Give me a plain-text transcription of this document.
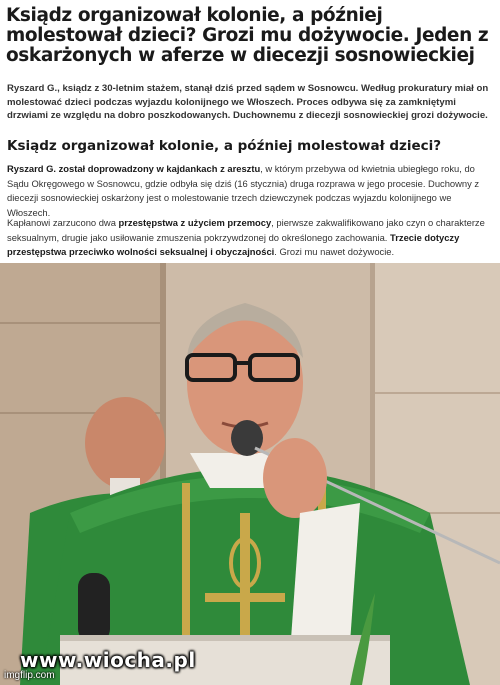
Ksiądz organizował kolonie, a później molestował dzieci? Grozi mu dożywocie. Jeden z oskarżonych w aferze w diecezji sosnowieckiej
Ryszard G., ksiądz z 30-letnim stażem, stanął dziś przed sądem w Sosnowcu. Według prokuratury miał on molestować dzieci podczas wyjazdu kolonijnego we Włoszech. Proces odbywa się za zamkniętymi drzwiami ze względu na dobro poszkodowanych. Duchownemu z diecezji sosnowieckiej grozi dożywocie.
Ksiądz organizował kolonie, a później molestował dzieci?

Ryszard G. został doprowadzony w kajdankach z aresztu, w którym przebywa od kwietnia ubiegłego roku, do Sądu Okręgowego w Sosnowcu, gdzie odbyła się dziś (16 stycznia) druga rozprawa w jego procesie. Duchowny z diecezji sosnowieckiej oskarżony jest o molestowanie trzech dziewczynek podczas wyjazdu kolonijnego we Włoszech.

Kapłanowi zarzucono dwa przestępstwa z użyciem przemocy, pierwsze zakwalifikowano jako czyn o charakterze seksualnym, drugie jako usiłowanie zmuszenia pokrzywdzonej do określonego zachowania. Trzecie dotyczy przestępstwa przeciwko wolności seksualnej i obyczajności. Grozi mu nawet dożywocie.

www.wiocha.pl
imgflip.com
